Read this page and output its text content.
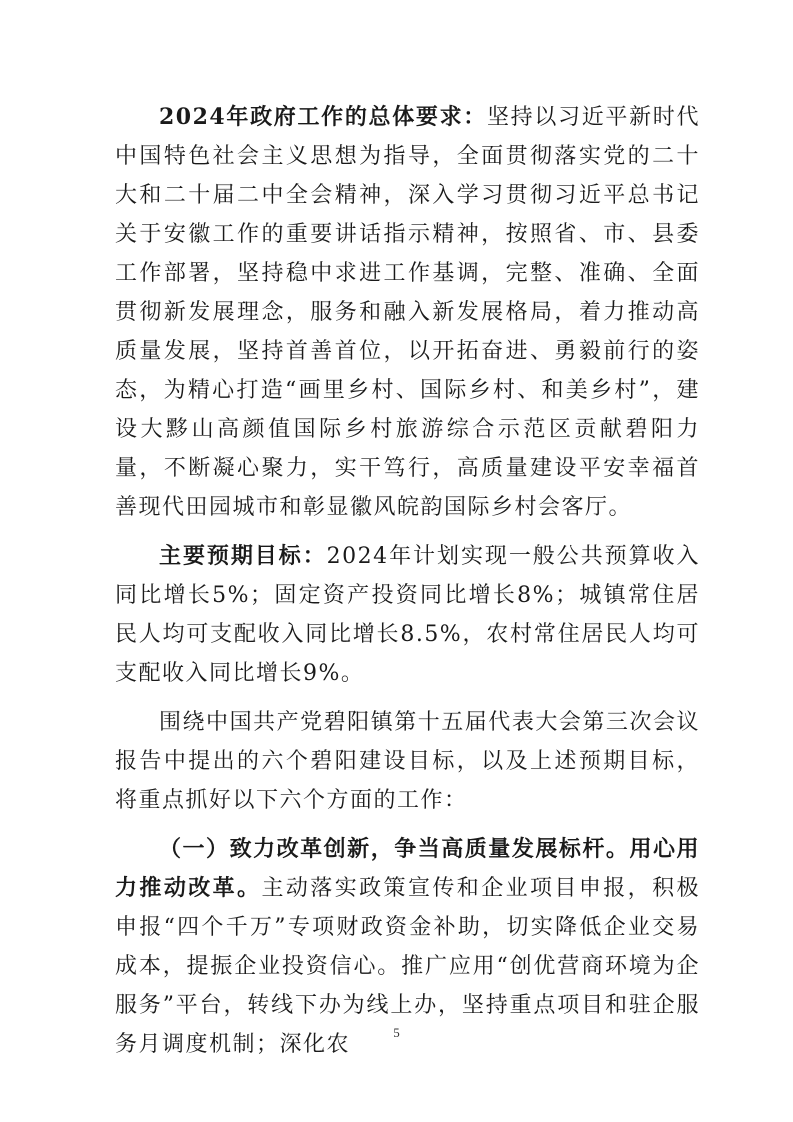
2024年政府工作的总体要求：坚持以习近平新时代中国特色社会主义思想为指导，全面贯彻落实党的二十大和二十届二中全会精神，深入学习贯彻习近平总书记关于安徽工作的重要讲话指示精神，按照省、市、县委工作部署，坚持稳中求进工作基调，完整、准确、全面贯彻新发展理念，服务和融入新发展格局，着力推动高质量发展，坚持首善首位，以开拓奋进、勇毅前行的姿态，为精心打造“画里乡村、国际乡村、和美乡村”，建设大黟山高颜值国际乡村旅游综合示范区贡献碧阳力量，不断凝心聚力，实干笃行，高质量建设平安幸福首善现代田园城市和彰显徽风皖韵国际乡村会客厅。

主要预期目标：2024年计划实现一般公共预算收入同比增长5%；固定资产投资同比增长8%；城镇常住居民人均可支配收入同比增长8.5%，农村常住居民人均可支配收入同比增长9%。

围绕中国共产党碧阳镇第十五届代表大会第三次会议报告中提出的六个碧阳建设目标，以及上述预期目标，将重点抓好以下六个方面的工作：

（一）致力改革创新，争当高质量发展标杆。用心用力推动改革。主动落实政策宣传和企业项目申报，积极申报“四个千万”专项财政资金补助，切实降低企业交易成本，提振企业投资信心。推广应用“创优营商环境为企服务”平台，转线下办为线上办，坚持重点项目和驻企服务月调度机制；深化农	5
